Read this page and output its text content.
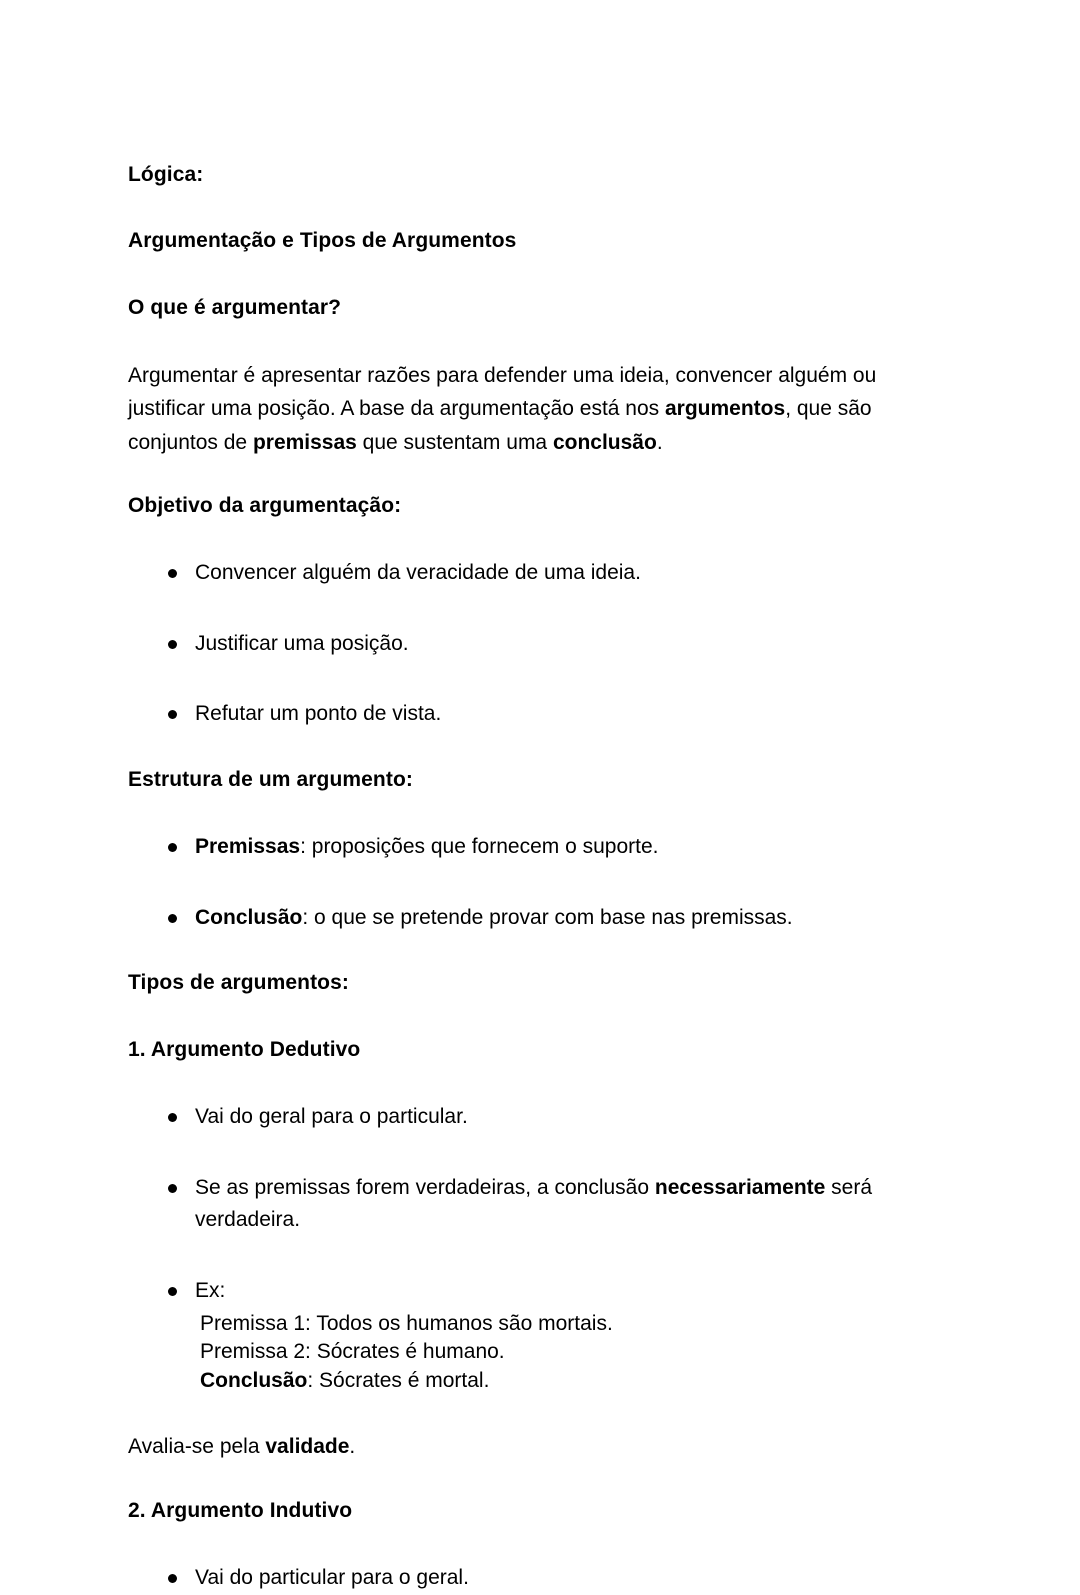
Lógica:
Argumentação e Tipos de Argumentos
O que é argumentar?

Argumentar é apresentar razões para defender uma ideia, convencer alguém ou justificar uma posição. A base da argumentação está nos argumentos, que são conjuntos de premissas que sustentam uma conclusão.

Objetivo da argumentação:
Convencer alguém da veracidade de uma ideia.
Justificar uma posição.
Refutar um ponto de vista.
Estrutura de um argumento:
Premissas: proposições que fornecem o suporte.
Conclusão: o que se pretende provar com base nas premissas.
Tipos de argumentos:
1. Argumento Dedutivo
Vai do geral para o particular.
Se as premissas forem verdadeiras, a conclusão necessariamente será verdadeira.
Ex:
Premissa 1: Todos os humanos são mortais.
Premissa 2: Sócrates é humano.
Conclusão: Sócrates é mortal.

Avalia-se pela validade.

2. Argumento Indutivo
Vai do particular para o geral.
